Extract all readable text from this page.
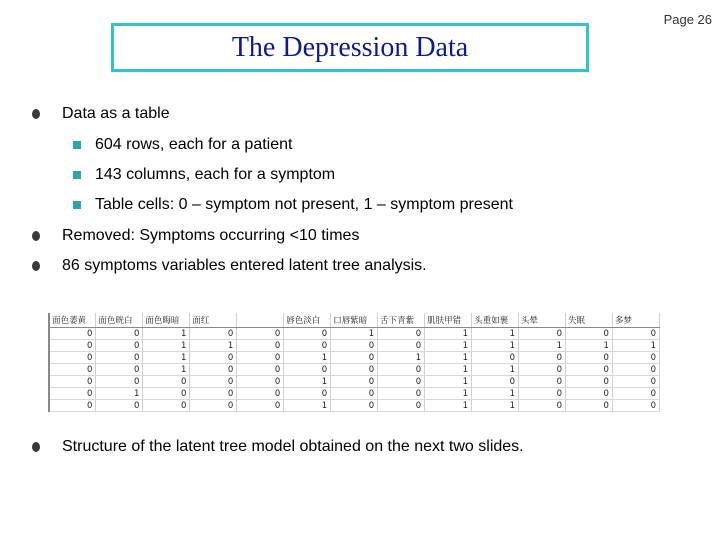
Page 26
The Depression Data
Data as a table
604 rows, each for a patient
143 columns, each for a symptom
Table cells: 0 – symptom not present, 1 – symptom present
Removed: Symptoms occurring <10 times
86 symptoms variables entered latent tree analysis.
面色萎黄	面色晄白	面色晦暗	面红		唇色淡白	口唇紫暗	舌下青紫	肌肤甲错	头重如裹	头晕	失眠	多梦
0	0	1	0	0	0	1	0	1	1	0	0	0
0	0	1	1	0	0	0	0	1	1	1	1	1
0	0	1	0	0	1	0	1	1	0	0	0	0
0	0	1	0	0	0	0	0	1	1	0	0	0
0	0	0	0	0	1	0	0	1	0	0	0	0
0	1	0	0	0	0	0	0	1	1	0	0	0
0	0	0	0	0	1	0	0	1	1	0	0	0
Structure of the latent tree model obtained on the next two slides.
